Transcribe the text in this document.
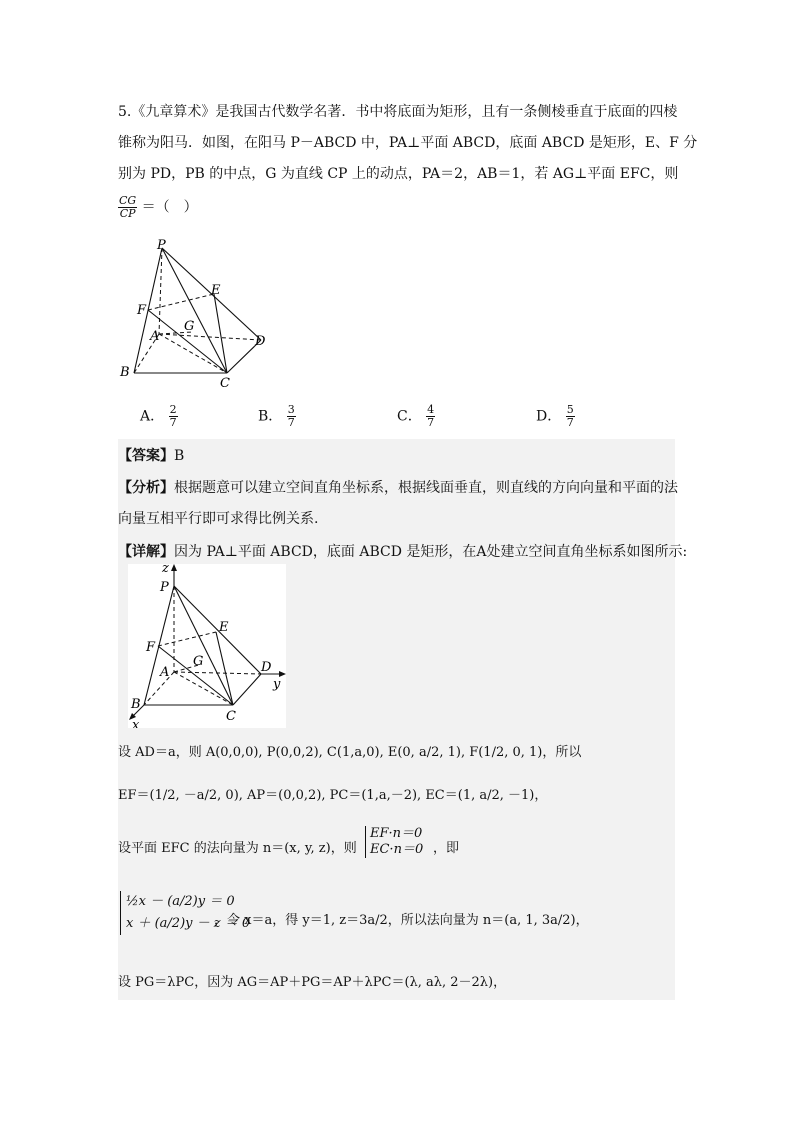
5.《九章算术》是我国古代数学名著．书中将底面为矩形，且有一条侧棱垂直于底面的四棱
锥称为阳马．如图，在阳马 P－ABCD 中，PA⊥平面 ABCD，底面 ABCD 是矩形，E、F 分
别为 PD，PB 的中点，G 为直线 CP 上的动点，PA＝2，AB＝1，若 AG⊥平面 EFC，则
$\frac{CG}{CP}$ ＝（　）
P
E
F
G
A	D
B
C
A． $\frac{2}{7}$	B． $\frac{3}{7}$	C． $\frac{4}{7}$	D． $\frac{5}{7}$
【答案】B
【分析】根据题意可以建立空间直角坐标系，根据线面垂直，则直线的方向向量和平面的法
向量互相平行即可求得比例关系.
【详解】因为 PA⊥平面 ABCD，底面 ABCD 是矩形，在A处建立空间直角坐标系如图所示:
z
P
E
F
G
A	D
y
B
C
x
设 AD＝a，则 A(0,0,0), P(0,0,2), C(1,a,0), E(0, a/2, 1), F(1/2, 0, 1)，所以
EF＝(1/2, －a/2, 0), AP＝(0,0,2), PC＝(1,a,－2), EC＝(1, a/2, －1)，
设平面 EFC 的法向量为 n＝(x, y, z)，则
EF·n＝0
EC·n＝0 ，即
½x － (a/2)y ＝ 0
x ＋ (a/2)y － z ＝ 0
，令 x＝a，得 y＝1, z＝3a/2，所以法向量为 n＝(a, 1, 3a/2)，
设 PG＝λPC，因为 AG＝AP＋PG＝AP＋λPC＝(λ, aλ, 2－2λ)，
